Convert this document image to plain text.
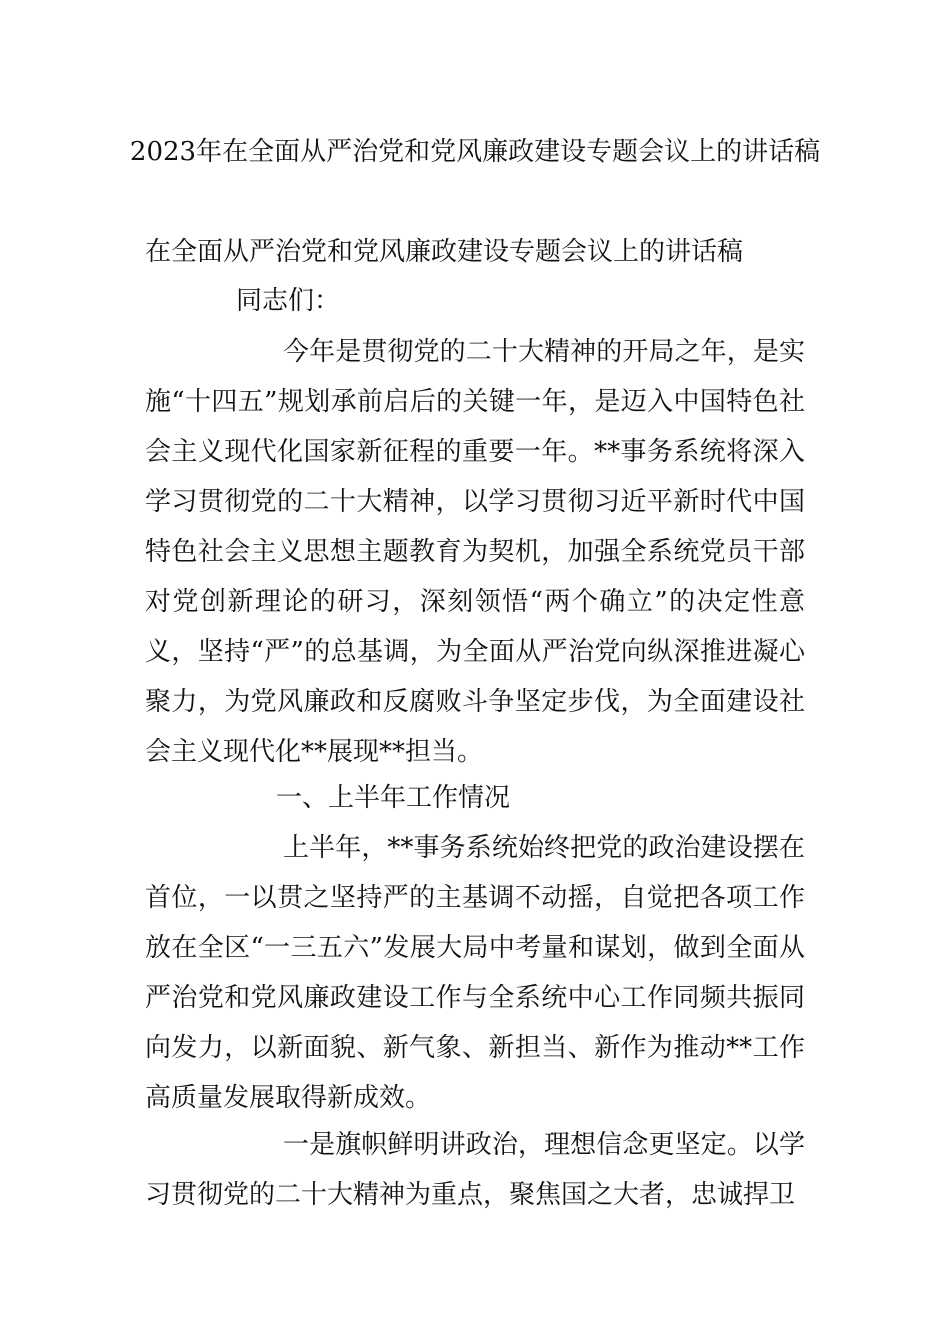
2023年在全面从严治党和党风廉政建设专题会议上的讲话稿
在全面从严治党和党风廉政建设专题会议上的讲话稿
同志们：
今年是贯彻党的二十大精神的开局之年，是实施“十四五”规划承前启后的关键一年，是迈入中国特色社会主义现代化国家新征程的重要一年。**事务系统将深入学习贯彻党的二十大精神，以学习贯彻习近平新时代中国特色社会主义思想主题教育为契机，加强全系统党员干部对党创新理论的研习，深刻领悟“两个确立”的决定性意义，坚持“严”的总基调，为全面从严治党向纵深推进凝心聚力，为党风廉政和反腐败斗争坚定步伐，为全面建设社会主义现代化**展现**担当。
一、上半年工作情况
上半年，**事务系统始终把党的政治建设摆在首位，一以贯之坚持严的主基调不动摇，自觉把各项工作放在全区“一三五六”发展大局中考量和谋划，做到全面从严治党和党风廉政建设工作与全系统中心工作同频共振同向发力，以新面貌、新气象、新担当、新作为推动**工作高质量发展取得新成效。
一是旗帜鲜明讲政治，理想信念更坚定。以学习贯彻党的二十大精神为重点，聚焦国之大者，忠诚捍卫
